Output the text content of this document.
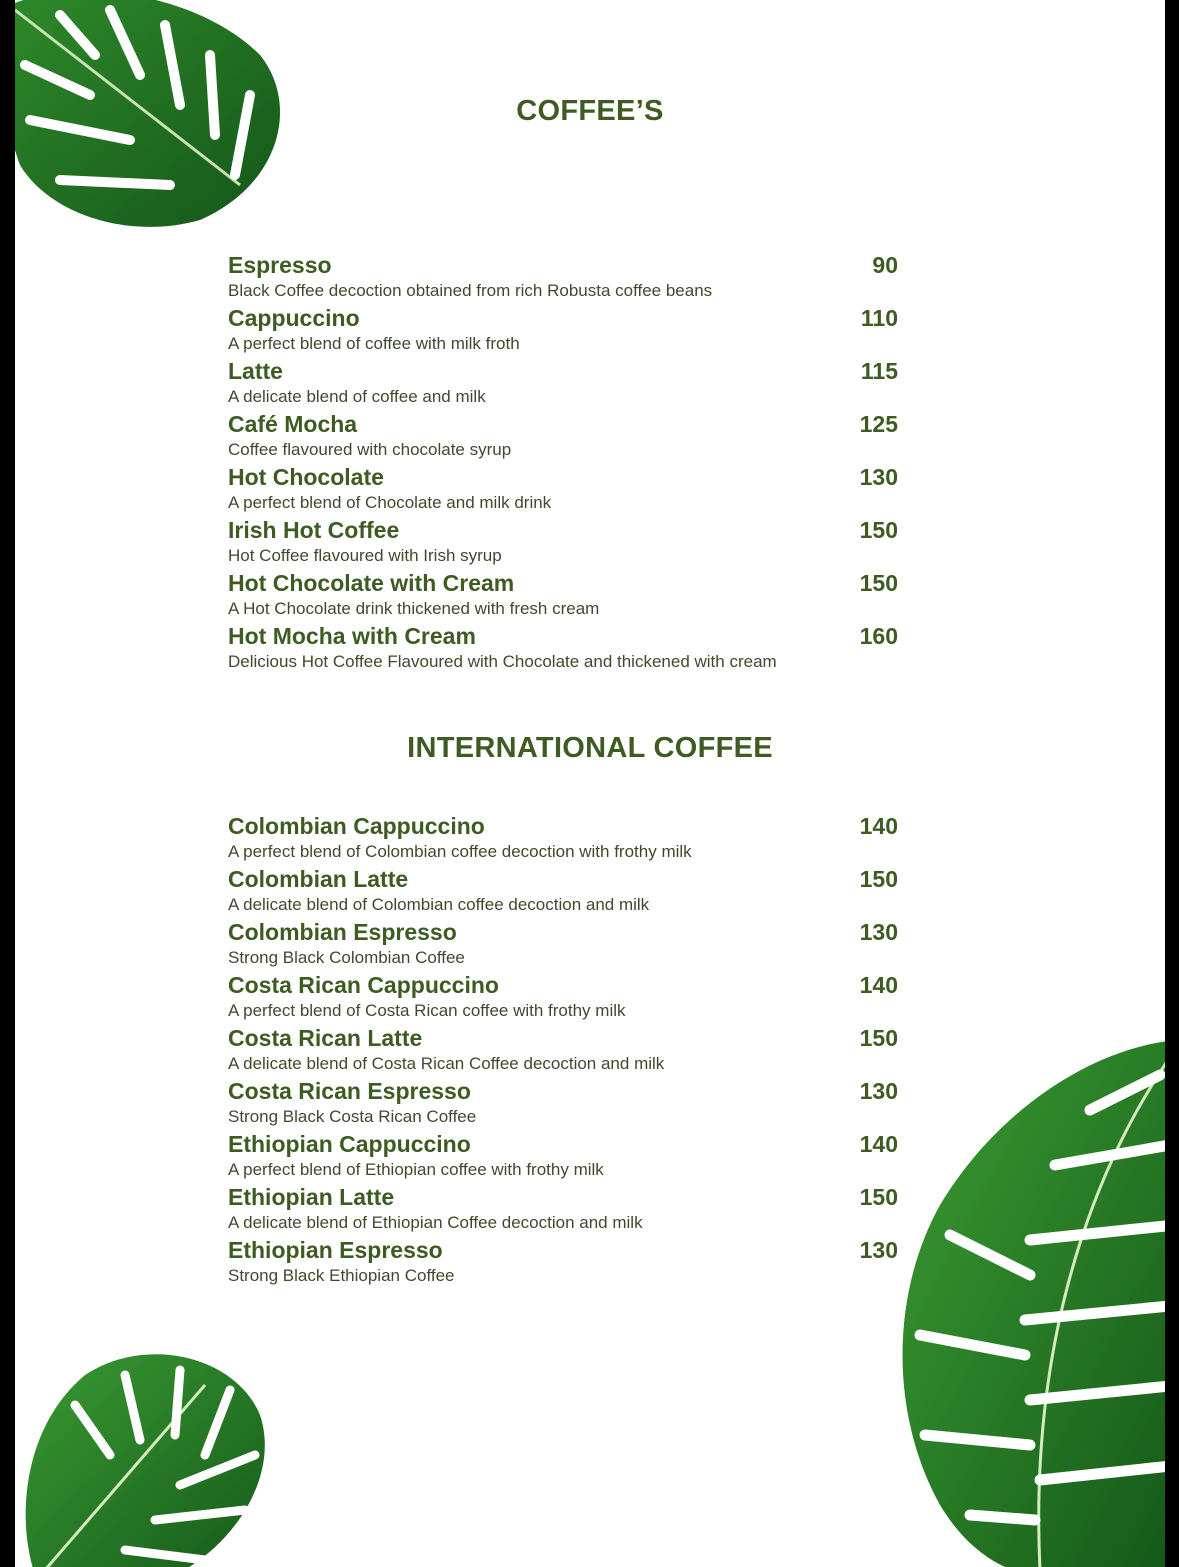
COFFEE’S
Espresso	90
Black Coffee decoction obtained from rich Robusta coffee beans
Cappuccino	110
A perfect blend of coffee with milk froth
Latte	115
A delicate blend of coffee and milk
Café Mocha	125
Coffee flavoured with chocolate syrup
Hot Chocolate	130
A perfect blend of Chocolate and milk drink
Irish Hot Coffee	150
Hot Coffee flavoured with Irish syrup
Hot Chocolate with Cream	150
A Hot Chocolate drink thickened with fresh cream
Hot Mocha with Cream	160
Delicious Hot Coffee Flavoured with Chocolate and thickened with cream
INTERNATIONAL COFFEE
Colombian Cappuccino	140
A perfect blend of Colombian coffee decoction with frothy milk
Colombian Latte	150
A delicate blend of Colombian coffee decoction and milk
Colombian Espresso	130
Strong Black Colombian Coffee
Costa Rican Cappuccino	140
A perfect blend of Costa Rican coffee with frothy milk
Costa Rican Latte	150
A delicate blend of Costa Rican Coffee decoction and milk
Costa Rican Espresso	130
Strong Black Costa Rican Coffee
Ethiopian Cappuccino	140
A perfect blend of Ethiopian coffee with frothy milk
Ethiopian Latte	150
A delicate blend of Ethiopian Coffee decoction and milk
Ethiopian Espresso	130
Strong Black Ethiopian Coffee
